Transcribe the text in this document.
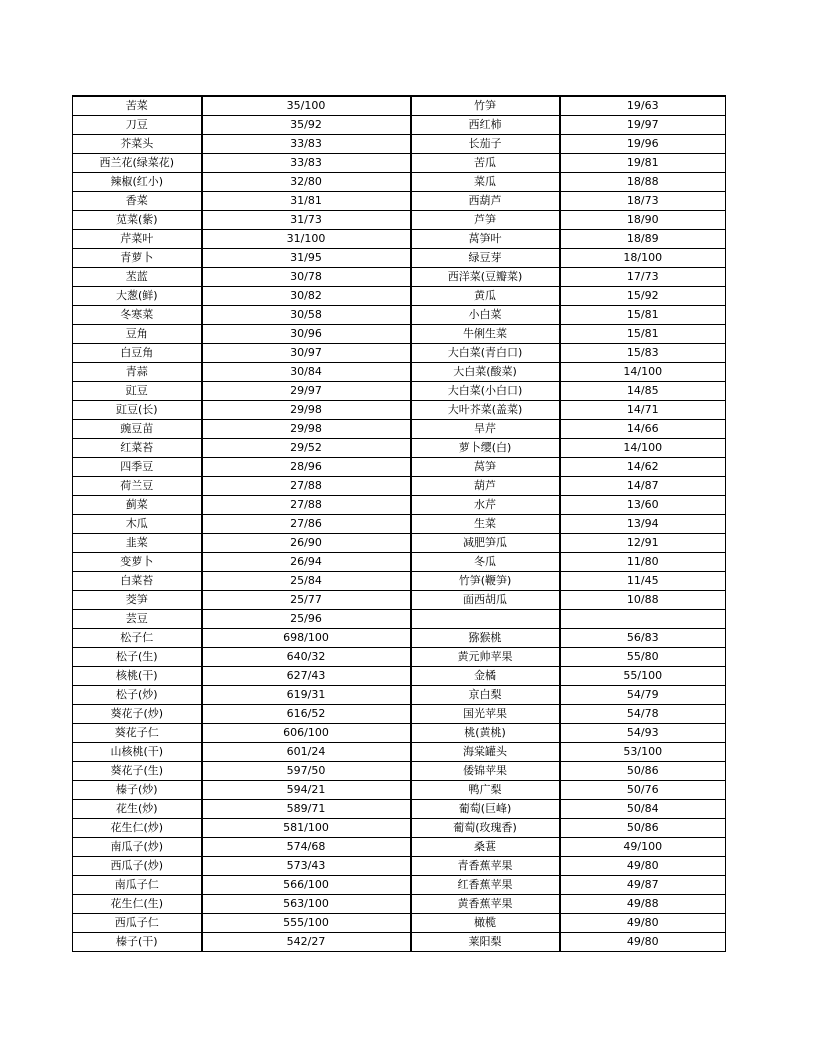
苦菜	35/100	竹笋	19/63
刀豆	35/92	西红柿	19/97
芥菜头	33/83	长茄子	19/96
西兰花(绿菜花)	33/83	苦瓜	19/81
辣椒(红小)	32/80	菜瓜	18/88
香菜	31/81	西葫芦	18/73
苋菜(紫)	31/73	芦笋	18/90
芹菜叶	31/100	莴笋叶	18/89
青萝卜	31/95	绿豆芽	18/100
苤蓝	30/78	西洋菜(豆瓣菜)	17/73
大葱(鲜)	30/82	黄瓜	15/92
冬寒菜	30/58	小白菜	15/81
豆角	30/96	牛俐生菜	15/81
白豆角	30/97	大白菜(青白口)	15/83
青蒜	30/84	大白菜(酸菜)	14/100
豇豆	29/97	大白菜(小白口)	14/85
豇豆(长)	29/98	大叶芥菜(盖菜)	14/71
豌豆苗	29/98	旱芹	14/66
红菜苔	29/52	萝卜缨(白)	14/100
四季豆	28/96	莴笋	14/62
荷兰豆	27/88	葫芦	14/87
蓟菜	27/88	水芹	13/60
木瓜	27/86	生菜	13/94
韭菜	26/90	减肥笋瓜	12/91
变萝卜	26/94	冬瓜	11/80
白菜苔	25/84	竹笋(鞭笋)	11/45
茭笋	25/77	面西胡瓜	10/88
芸豆	25/96		
松子仁	698/100	猕猴桃	56/83
松子(生)	640/32	黄元帅苹果	55/80
核桃(干)	627/43	金橘	55/100
松子(炒)	619/31	京白梨	54/79
葵花子(炒)	616/52	国光苹果	54/78
葵花子仁	606/100	桃(黄桃)	54/93
山核桃(干)	601/24	海棠罐头	53/100
葵花子(生)	597/50	倭锦苹果	50/86
榛子(炒)	594/21	鸭广梨	50/76
花生(炒)	589/71	葡萄(巨峰)	50/84
花生仁(炒)	581/100	葡萄(玫瑰香)	50/86
南瓜子(炒)	574/68	桑葚	49/100
西瓜子(炒)	573/43	青香蕉苹果	49/80
南瓜子仁	566/100	红香蕉苹果	49/87
花生仁(生)	563/100	黄香蕉苹果	49/88
西瓜子仁	555/100	橄榄	49/80
榛子(干)	542/27	莱阳梨	49/80
